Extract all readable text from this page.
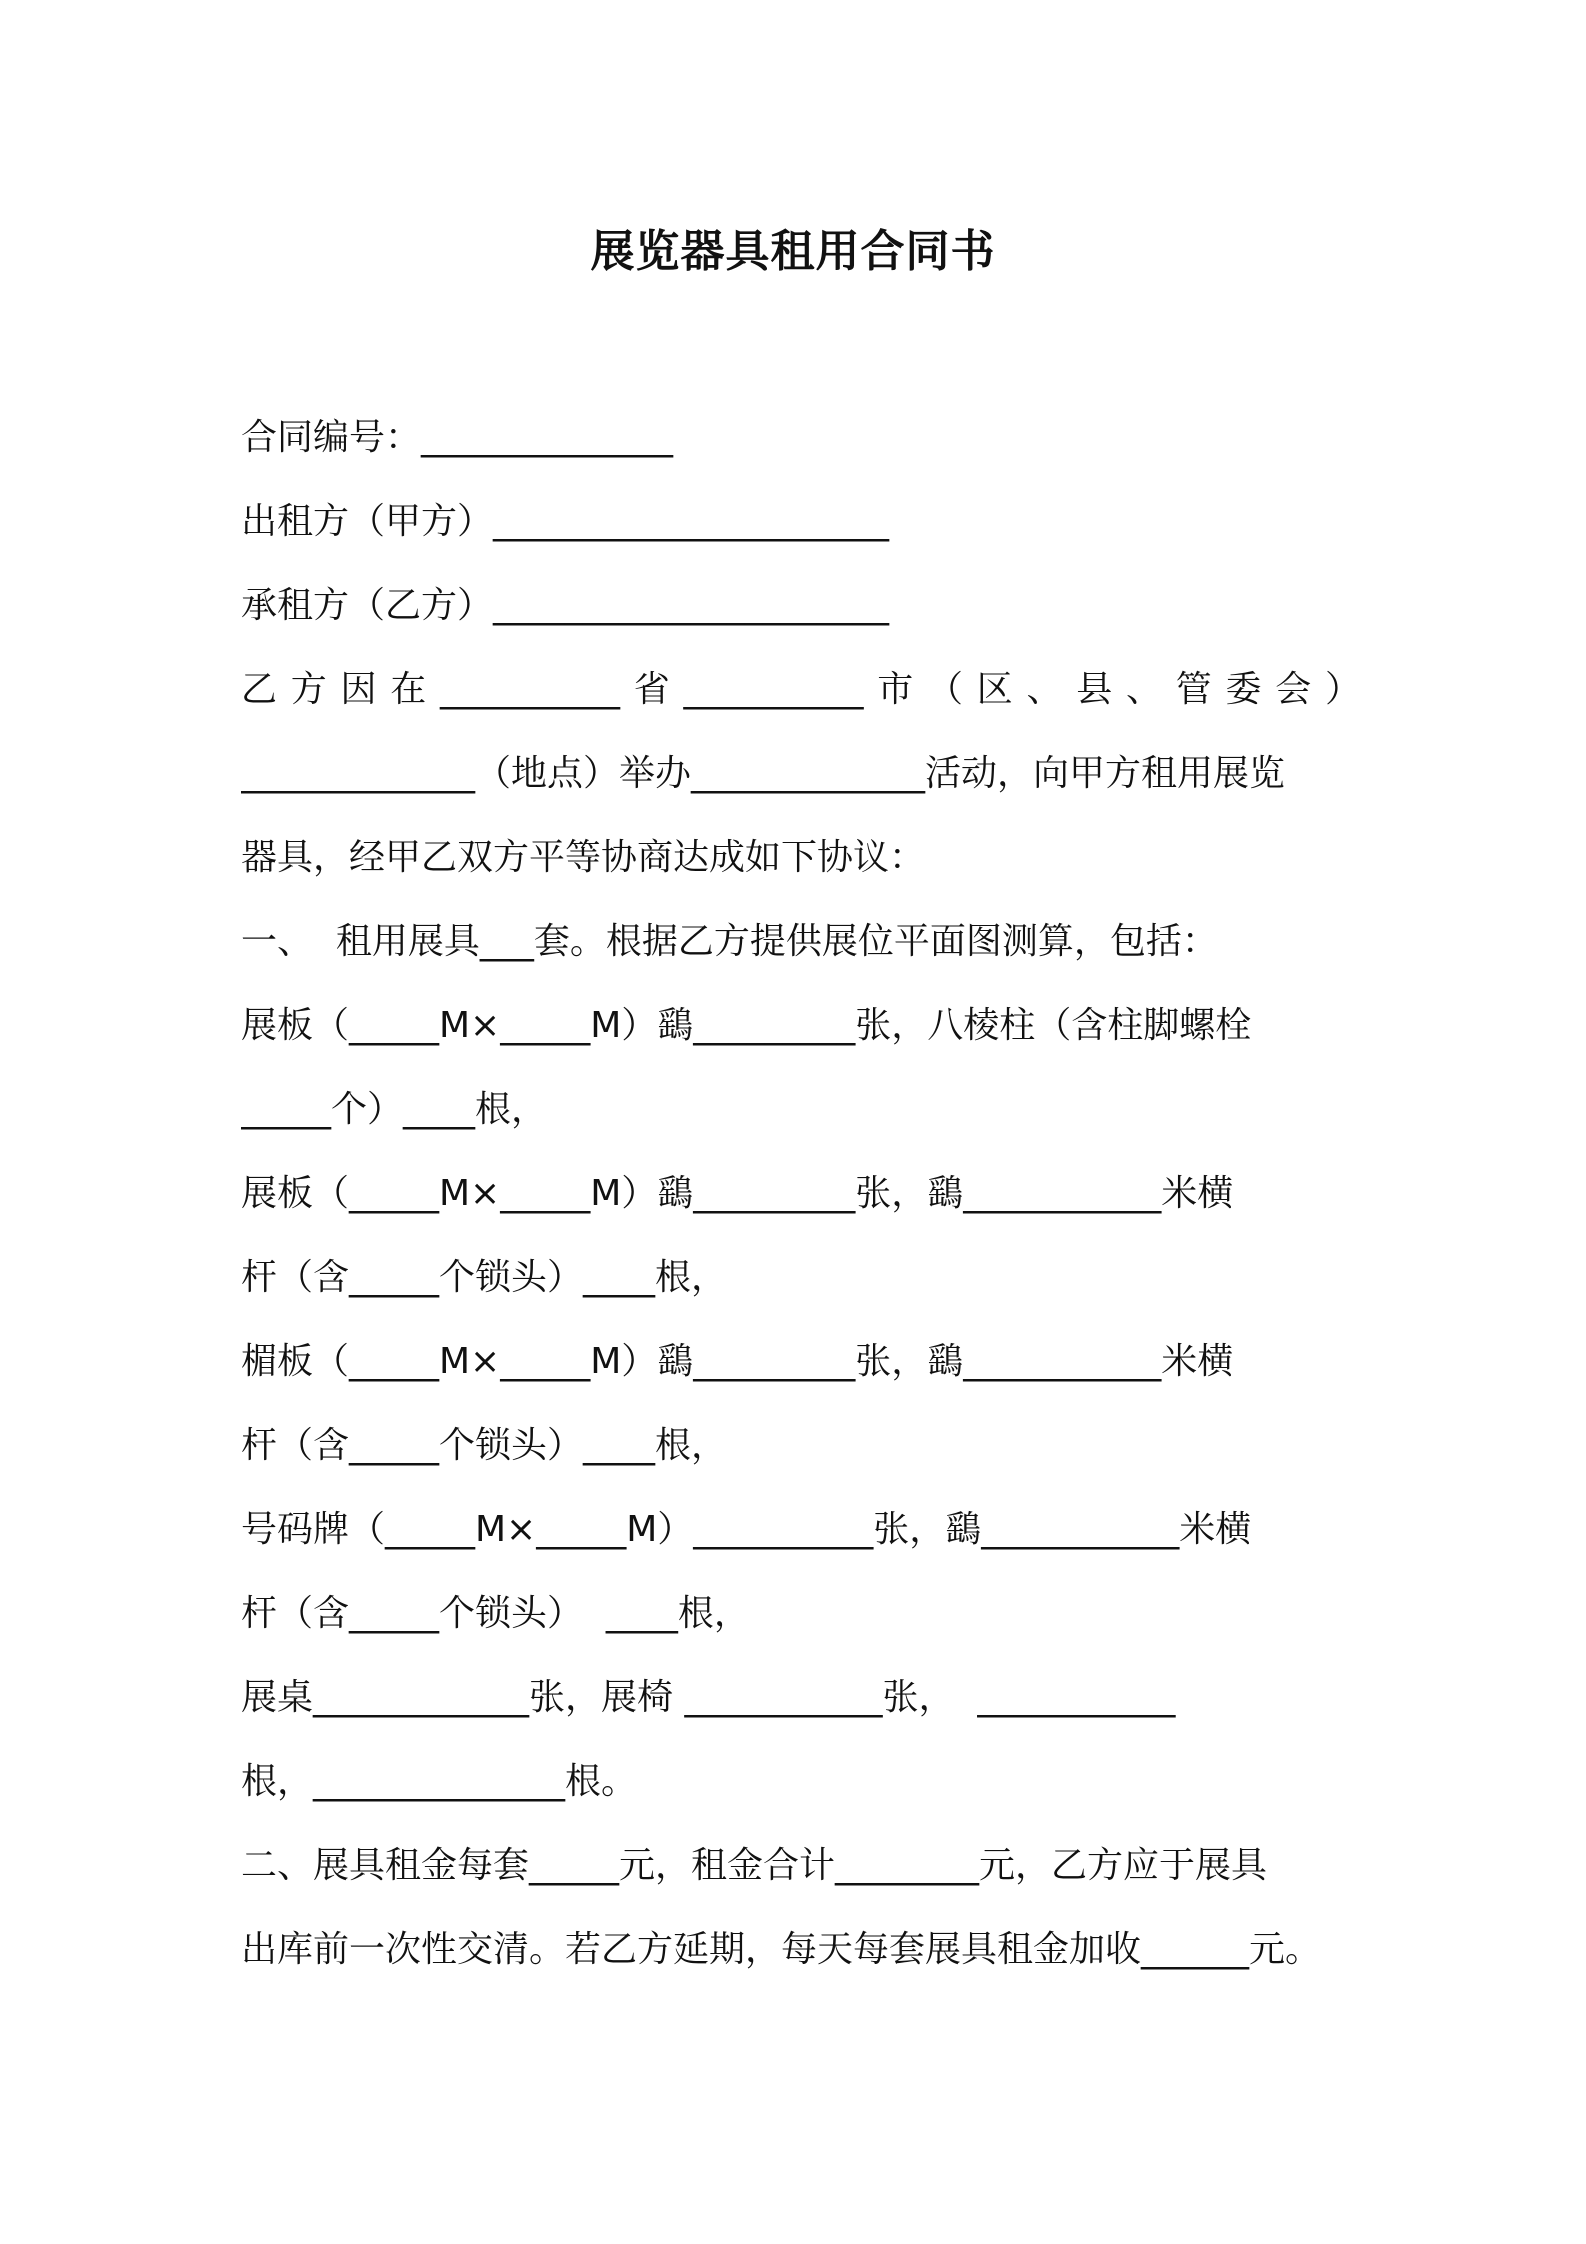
展览器具租用合同书

合同编号：______________

出租方（甲方）______________________

承租方（乙方）______________________

乙 方 因 在 __________ 省 __________ 市 （ 区 、 县 、 管 委 会 ）

_____________（地点）举办_____________活动，向甲方租用展览

器具，经甲乙双方平等协商达成如下协议：

一、  租用展具___套。根据乙方提供展位平面图测算，包括：

展板（_____M×_____M）鷂_________张，八棱柱（含柱脚螺栓

_____个）____根，

展板（_____M×_____M）鷂_________张，鷂___________米横

杆（含_____个锁头）____根，

楣板（_____M×_____M）鷂_________张，鷂___________米横

杆（含_____个锁头）____根，

号码牌（_____M×_____M）__________张，鷂___________米横

杆（含_____个锁头）  ____根，

展桌____________张，展椅 ___________张，  ___________

根，______________根。

二、展具租金每套_____元，租金合计________元，乙方应于展具

出库前一次性交清。若乙方延期，每天每套展具租金加收______元。
